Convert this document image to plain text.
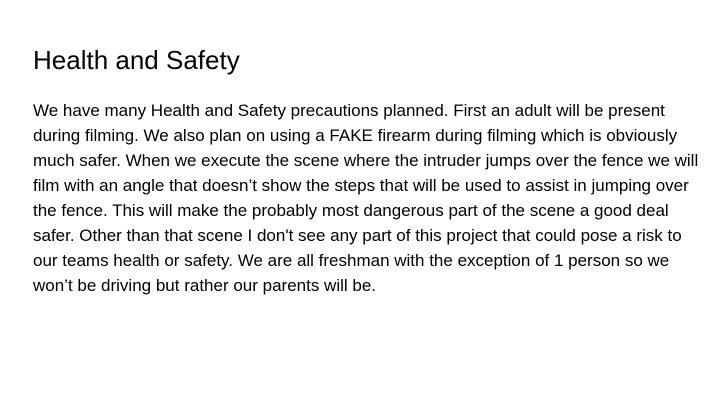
Health and Safety

We have many Health and Safety precautions planned. First an adult will be present during filming. We also plan on using a FAKE firearm during filming which is obviously much safer. When we execute the scene where the intruder jumps over the fence we will film with an angle that doesn’t show the steps that will be used to assist in jumping over the fence. This will make the probably most dangerous part of the scene a good deal safer. Other than that scene I don't see any part of this project that could pose a risk to our teams health or safety. We are all freshman with the exception of 1 person so we won’t be driving but rather our parents will be.
